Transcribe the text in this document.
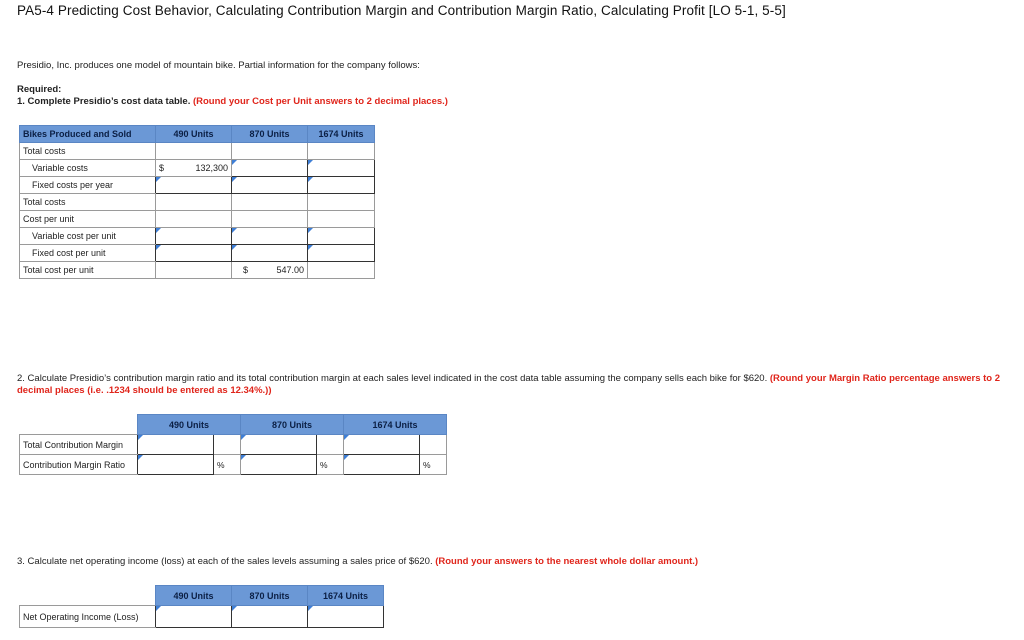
PA5-4 Predicting Cost Behavior, Calculating Contribution Margin and Contribution Margin Ratio, Calculating Profit [LO 5-1, 5-5]
Presidio, Inc. produces one model of mountain bike. Partial information for the company follows:
Required:
1. Complete Presidio’s cost data table. (Round your Cost per Unit answers to 2 decimal places.)
Bikes Produced and Sold	490 Units	870 Units	1674 Units
Total costs			
Variable costs	$ 132,300		

Fixed costs per year			
Total costs			
Cost per unit			
Variable cost per unit			
Fixed cost per unit			
Total cost per unit		$ 547.00	

2. Calculate Presidio’s contribution margin ratio and its total contribution margin at each sales level indicated in the cost data table assuming the company sells each bike for $620. (Round your Margin Ratio percentage answers to 2 decimal places (i.e. .1234 should be entered as 12.34%.))
	490 Units		870 Units		1674 Units	
Total Contribution Margin						
Contribution Margin Ratio		%		%		%
3. Calculate net operating income (loss) at each of the sales levels assuming a sales price of $620. (Round your answers to the nearest whole dollar amount.)
	490 Units	870 Units	1674 Units
Net Operating Income (Loss)			
